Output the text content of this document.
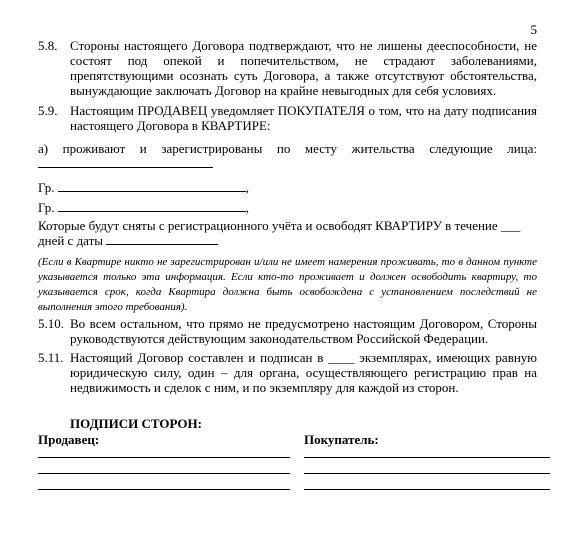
5
5.8. Стороны настоящего Договора подтверждают, что не лишены дееспособности, не состоят под опекой и попечительством, не страдают заболеваниями, препятствующими осознать суть Договора, а также отсутствуют обстоятельства, вынуждающие заключать Договор на крайне невыгодных для себя условиях.
5.9. Настоящим ПРОДАВЕЦ уведомляет ПОКУПАТЕЛЯ о том, что на дату подписания настоящего Договора в КВАРТИРЕ:
а) проживают и зарегистрированы по месту жительства следующие лица:
Гр.	,
Гр.	,
Которые будут сняты с регистрационного учёта и освободят КВАРТИРУ в течение ___
дней с даты
(Если в Квартире никто не зарегистрирован и/или не имеет намерения проживать, то в данном пункте указывается только эта информация. Если кто-то проживает и должен освободить квартиру, то указывается срок, когда Квартира должна быть освобождена с установлением последствий не выполнения этого требования).
5.10. Во всем остальном, что прямо не предусмотрено настоящим Договором, Стороны руководствуются действующим законодательством Российской Федерации.
5.11. Настоящий Договор составлен и подписан в ____ экземплярах, имеющих равную юридическую силу, один – для органа, осуществляющего регистрацию прав на недвижимость и сделок с ним, и по экземпляру для каждой из сторон.
ПОДПИСИ СТОРОН:
Продавец:	Покупатель:
